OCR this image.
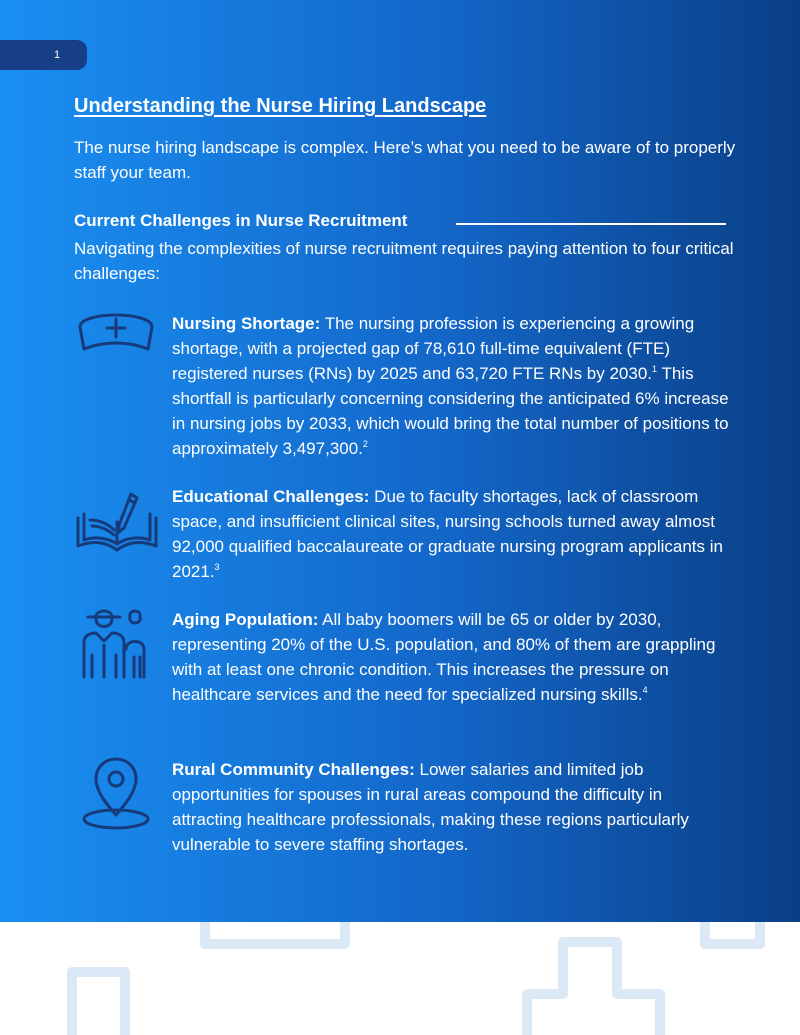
1
Understanding the Nurse Hiring Landscape

The nurse hiring landscape is complex. Here’s what you need to be aware of to properly staff your team.

Current Challenges in Nurse Recruitment

Navigating the complexities of nurse recruitment requires paying attention to four critical challenges:

Nursing Shortage: The nursing profession is experiencing a growing shortage, with a projected gap of 78,610 full-time equivalent (FTE) registered nurses (RNs) by 2025 and 63,720 FTE RNs by 2030.$^1$ This shortfall is particularly concerning considering the anticipated 6% increase in nursing jobs by 2033, which would bring the total number of positions to approximately 3,497,300.$^2$

Educational Challenges: Due to faculty shortages, lack of classroom space, and insufficient clinical sites, nursing schools turned away almost 92,000 qualified baccalaureate or graduate nursing program applicants in 2021.$^3$

Aging Population: All baby boomers will be 65 or older by 2030, representing 20% of the U.S. population, and 80% of them are grappling with at least one chronic condition. This increases the pressure on healthcare services and the need for specialized nursing skills.$^4$

Rural Community Challenges: Lower salaries and limited job opportunities for spouses in rural areas compound the difficulty in attracting healthcare professionals, making these regions particularly vulnerable to severe staffing shortages.
